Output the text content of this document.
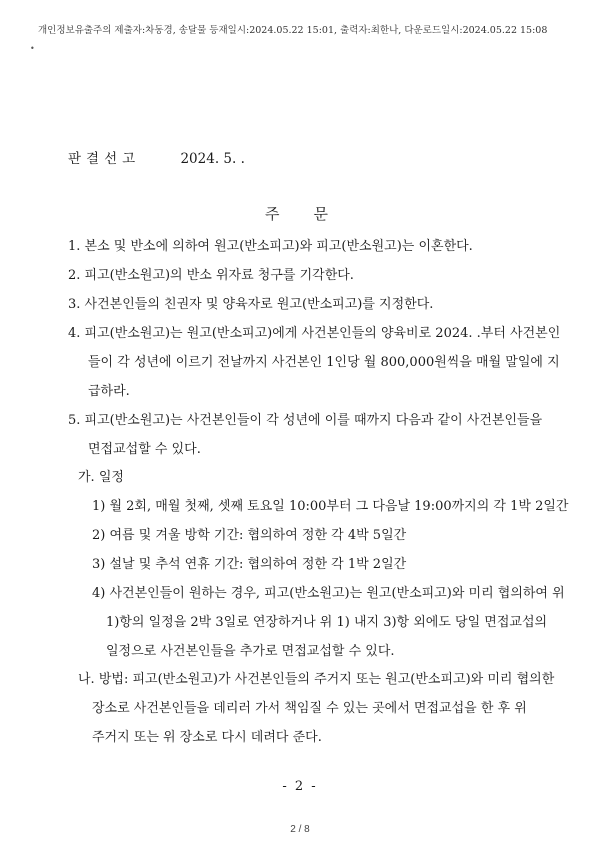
개인정보유출주의 제출자:차동경, 송달물 등재일시:2024.05.22 15:01, 출력자:최한나, 다운로드일시:2024.05.22 15:08
•
판결선고	2024. 5. .
주 문
1. 본소 및 반소에 의하여 원고(반소피고)와 피고(반소원고)는 이혼한다.
2. 피고(반소원고)의 반소 위자료 청구를 기각한다.
3. 사건본인들의 친권자 및 양육자로 원고(반소피고)를 지정한다.
4. 피고(반소원고)는 원고(반소피고)에게 사건본인들의 양육비로 2024. .부터 사건본인
들이 각 성년에 이르기 전날까지 사건본인 1인당 월 800,000원씩을 매월 말일에 지
급하라.
5. 피고(반소원고)는 사건본인들이 각 성년에 이를 때까지 다음과 같이 사건본인들을
면접교섭할 수 있다.
가. 일정
1) 월 2회, 매월 첫째, 셋째 토요일 10:00부터 그 다음날 19:00까지의 각 1박 2일간
2) 여름 및 겨울 방학 기간: 협의하여 정한 각 4박 5일간
3) 설날 및 추석 연휴 기간: 협의하여 정한 각 1박 2일간
4) 사건본인들이 원하는 경우, 피고(반소원고)는 원고(반소피고)와 미리 협의하여 위
1)항의 일정을 2박 3일로 연장하거나 위 1) 내지 3)항 외에도 당일 면접교섭의
일정으로 사건본인들을 추가로 면접교섭할 수 있다.
나. 방법: 피고(반소원고)가 사건본인들의 주거지 또는 원고(반소피고)와 미리 협의한
장소로 사건본인들을 데리러 가서 책임질 수 있는 곳에서 면접교섭을 한 후 위
주거지 또는 위 장소로 다시 데려다 준다.
- 2 -
2 / 8
